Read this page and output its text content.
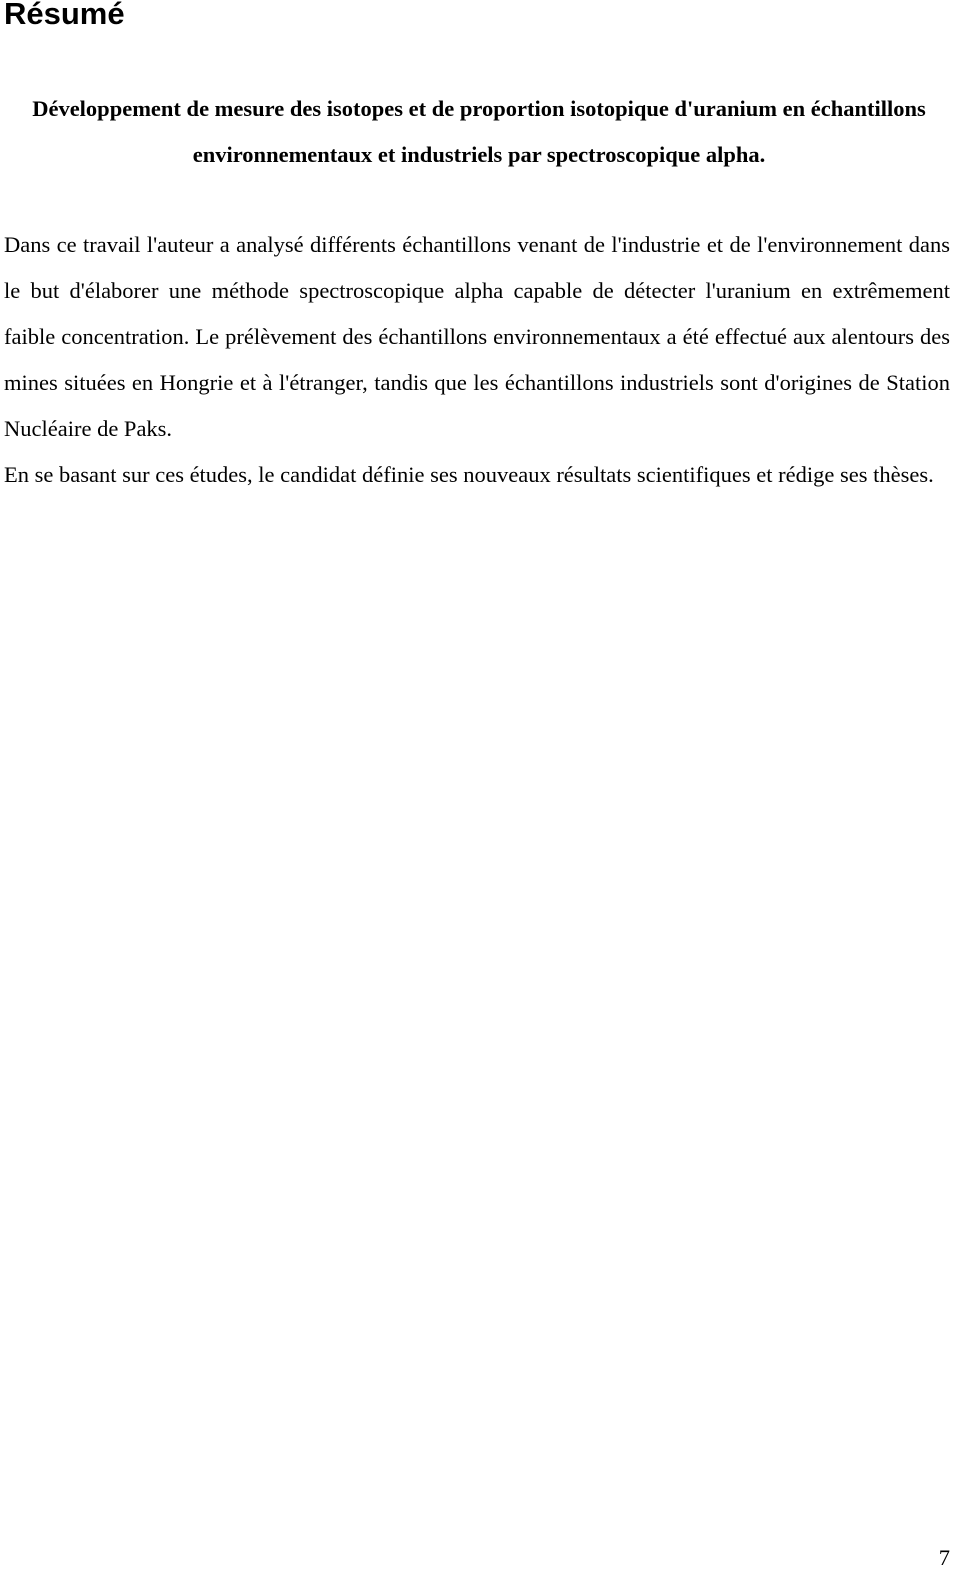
Résumé
Développement de mesure des isotopes et de proportion isotopique d'uranium en échantillons environnementaux et industriels par spectroscopique alpha.

Dans ce travail l'auteur a analysé différents échantillons venant de l'industrie et de l'environnement dans le but d'élaborer une méthode spectroscopique alpha capable de détecter l'uranium en extrêmement faible concentration. Le prélèvement des échantillons environnementaux a été effectué aux alentours des mines situées en Hongrie et à l'étranger, tandis que les échantillons industriels sont d'origines de Station Nucléaire de Paks.

En se basant sur ces études, le candidat définie ses nouveaux résultats scientifiques et rédige ses thèses.

7
